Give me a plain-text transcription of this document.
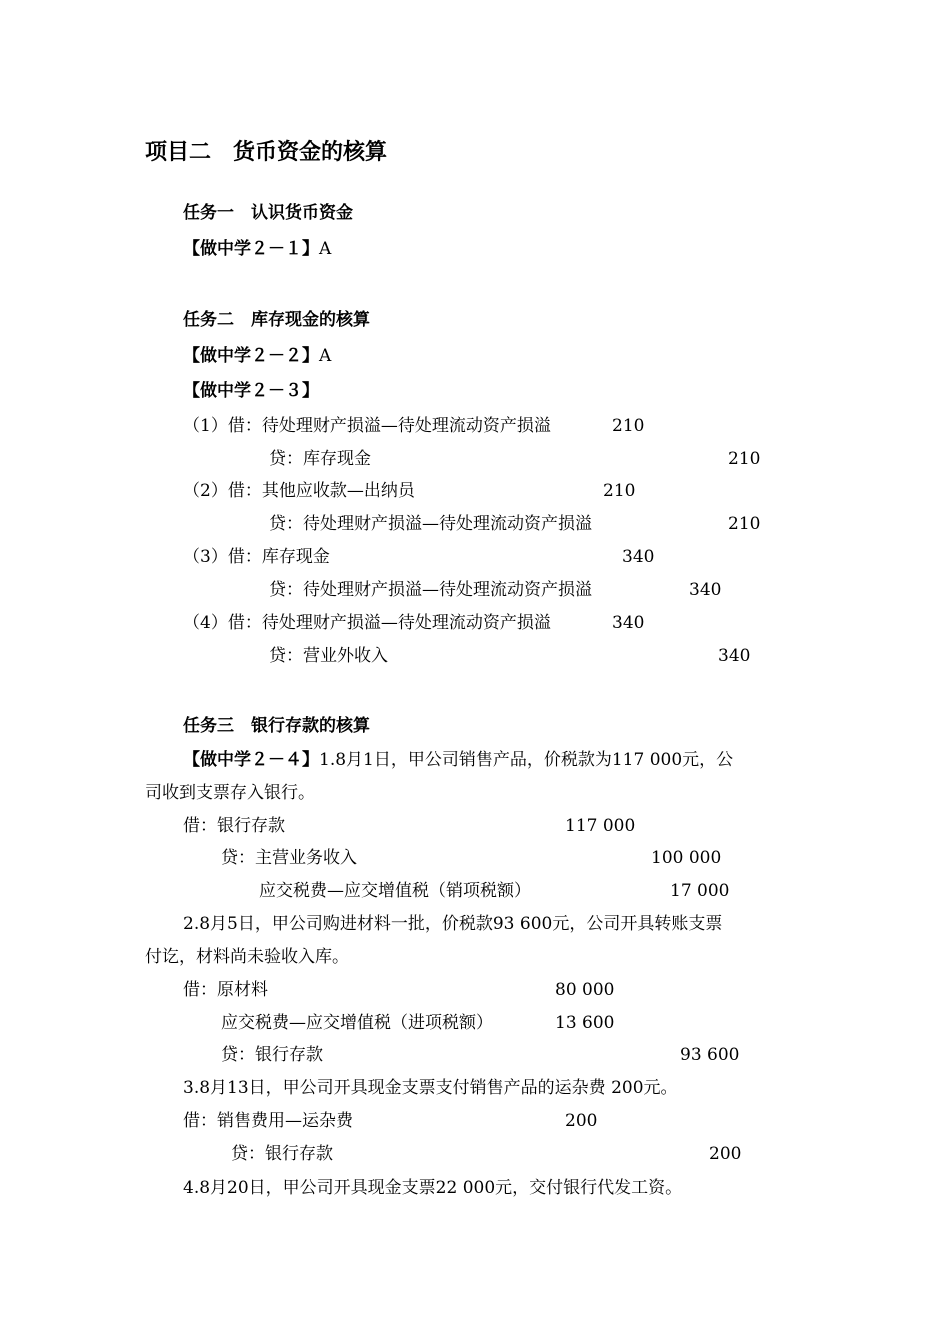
项目二　货币资金的核算
任务一　认识货币资金
【做中学２－１】A
任务二　库存现金的核算
【做中学２－２】A
【做中学２－３】
（1）借：待处理财产损溢—待处理流动资产损溢	210
贷：库存现金	210
（2）借：其他应收款—出纳员	210
贷：待处理财产损溢—待处理流动资产损溢	210
（3）借：库存现金	340
贷：待处理财产损溢—待处理流动资产损溢	340
（4）借：待处理财产损溢—待处理流动资产损溢	340
贷：营业外收入	340
任务三　银行存款的核算
【做中学２－４】1.8月1日，甲公司销售产品，价税款为117 000元，公
司收到支票存入银行。
借：银行存款	117 000
贷：主营业务收入	100 000
应交税费—应交增值税（销项税额）	17 000
2.8月5日，甲公司购进材料一批，价税款93 600元，公司开具转账支票
付讫，材料尚未验收入库。
借：原材料	80 000
应交税费—应交增值税（进项税额）	13 600
贷：银行存款	93 600
3.8月13日，甲公司开具现金支票支付销售产品的运杂费 200元。
借：销售费用—运杂费	200
贷：银行存款	200
4.8月20日，甲公司开具现金支票22 000元，交付银行代发工资。
